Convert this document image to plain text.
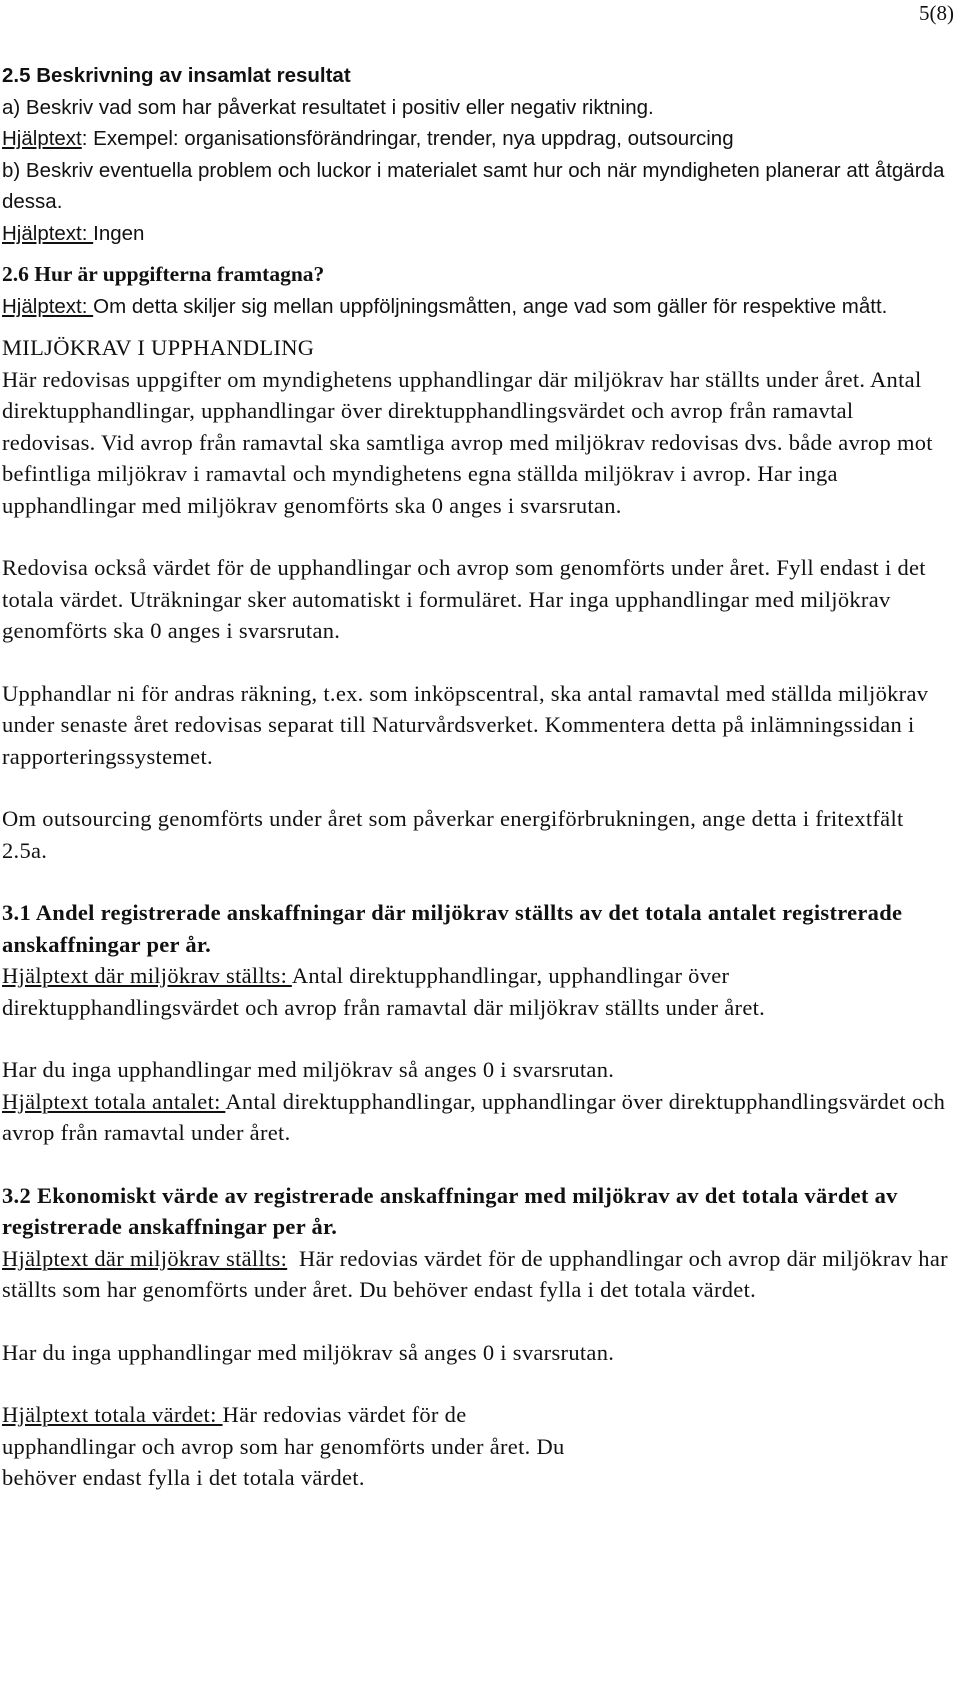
5(8)
2.5 Beskrivning av insamlat resultat

a) Beskriv vad som har påverkat resultatet i positiv eller negativ riktning.

Hjälptext: Exempel: organisationsförändringar, trender, nya uppdrag, outsourcing

b) Beskriv eventuella problem och luckor i materialet samt hur och när myndigheten planerar att åtgärda dessa.

Hjälptext: Ingen

2.6 Hur är uppgifterna framtagna?

Hjälptext: Om detta skiljer sig mellan uppföljningsmåtten, ange vad som gäller för respektive mått.

MILJÖKRAV I UPPHANDLING

Här redovisas uppgifter om myndighetens upphandlingar där miljökrav har ställts under året. Antal direktupphandlingar, upphandlingar över direktupphandlingsvärdet och avrop från ramavtal redovisas. Vid avrop från ramavtal ska samtliga avrop med miljökrav redovisas dvs. både avrop mot befintliga miljökrav i ramavtal och myndighetens egna ställda miljökrav i avrop. Har inga upphandlingar med miljökrav genomförts ska 0 anges i svarsrutan.

Redovisa också värdet för de upphandlingar och avrop som genomförts under året. Fyll endast i det totala värdet. Uträkningar sker automatiskt i formuläret. Har inga upphandlingar med miljökrav genomförts ska 0 anges i svarsrutan.

Upphandlar ni för andras räkning, t.ex. som inköpscentral, ska antal ramavtal med ställda miljökrav under senaste året redovisas separat till Naturvårdsverket. Kommentera detta på inlämningssidan i rapporteringssystemet.

Om outsourcing genomförts under året som påverkar energiförbrukningen, ange detta i fritextfält 2.5a.

3.1 Andel registrerade anskaffningar där miljökrav ställts av det totala antalet registrerade anskaffningar per år.

Hjälptext där miljökrav ställts: Antal direktupphandlingar, upphandlingar över direktupphandlingsvärdet och avrop från ramavtal där miljökrav ställts under året.

Har du inga upphandlingar med miljökrav så anges 0 i svarsrutan.

Hjälptext totala antalet: Antal direktupphandlingar, upphandlingar över direktupphandlingsvärdet och avrop från ramavtal under året.

3.2 Ekonomiskt värde av registrerade anskaffningar med miljökrav av det totala värdet av registrerade anskaffningar per år.

Hjälptext där miljökrav ställts:  Här redovias värdet för de upphandlingar och avrop där miljökrav har ställts som har genomförts under året. Du behöver endast fylla i det totala värdet.

Har du inga upphandlingar med miljökrav så anges 0 i svarsrutan.

Hjälptext totala värdet: Här redovias värdet för de
upphandlingar och avrop som har genomförts under året. Du
behöver endast fylla i det totala värdet.
